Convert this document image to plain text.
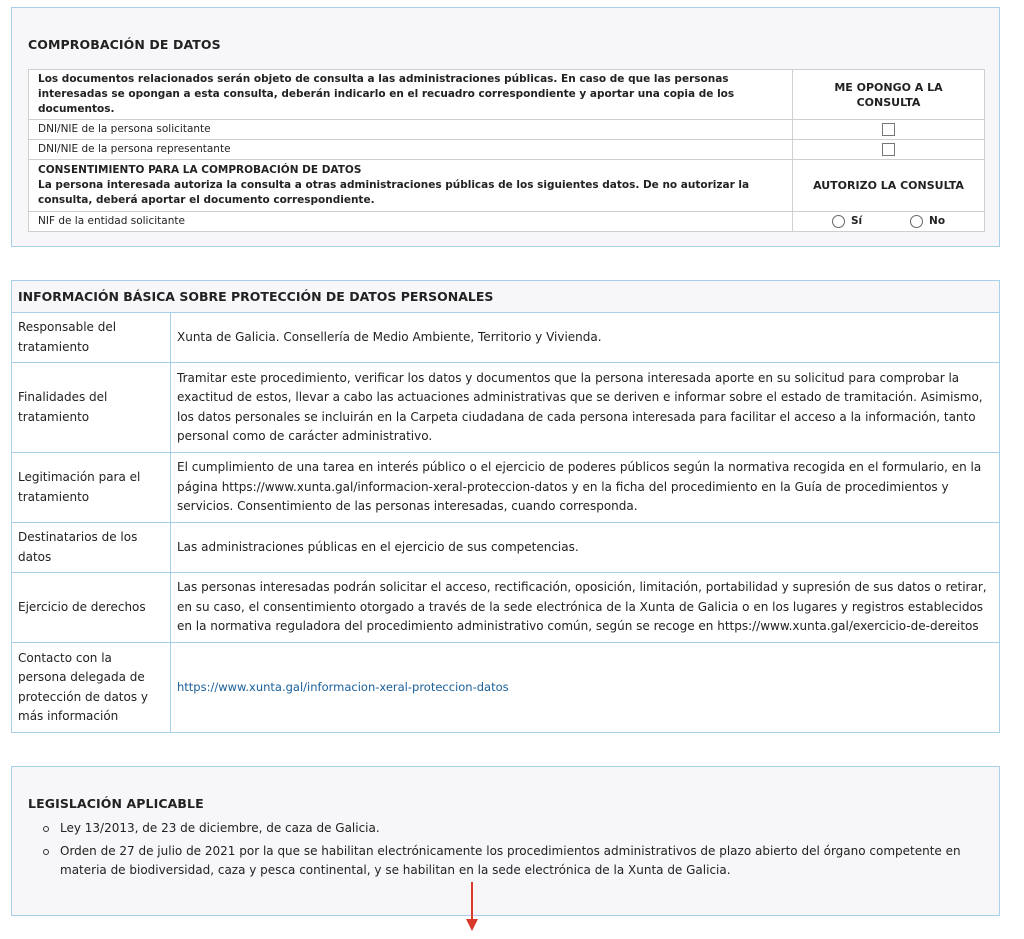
COMPROBACIÓN DE DATOS
Los documentos relacionados serán objeto de consulta a las administraciones públicas. En caso de que las personas interesadas se opongan a esta consulta, deberán indicarlo en el recuadro correspondiente y aportar una copia de los documentos.	ME OPONGO A LA CONSULTA
DNI/NIE de la persona solicitante	
DNI/NIE de la persona representante	

CONSENTIMIENTO PARA LA COMPROBACIÓN DE DATOS
La persona interesada autoriza la consulta a otras administraciones públicas de los siguientes datos. De no autorizar la consulta, deberá aportar el documento correspondiente.	AUTORIZO LA CONSULTA
NIF de la entidad solicitante	Sí No
INFORMACIÓN BÁSICA SOBRE PROTECCIÓN DE DATOS PERSONALES	
Responsable del tratamiento	Xunta de Galicia. Consellería de Medio Ambiente, Territorio y Vivienda.
Finalidades del tratamiento	Tramitar este procedimiento, verificar los datos y documentos que la persona interesada aporte en su solicitud para comprobar la exactitud de estos, llevar a cabo las actuaciones administrativas que se deriven e informar sobre el estado de tramitación. Asimismo, los datos personales se incluirán en la Carpeta ciudadana de cada persona interesada para facilitar el acceso a la información, tanto personal como de carácter administrativo.
Legitimación para el tratamiento	El cumplimiento de una tarea en interés público o el ejercicio de poderes públicos según la normativa recogida en el formulario, en la página https://www.xunta.gal/informacion-xeral-proteccion-datos y en la ficha del procedimiento en la Guía de procedimientos y servicios. Consentimiento de las personas interesadas, cuando corresponda.
Destinatarios de los datos	Las administraciones públicas en el ejercicio de sus competencias.
Ejercicio de derechos	Las personas interesadas podrán solicitar el acceso, rectificación, oposición, limitación, portabilidad y supresión de sus datos o retirar, en su caso, el consentimiento otorgado a través de la sede electrónica de la Xunta de Galicia o en los lugares y registros establecidos en la normativa reguladora del procedimiento administrativo común, según se recoge en https://www.xunta.gal/exercicio-de-dereitos
Contacto con la persona delegada de protección de datos y más información	https://www.xunta.gal/informacion-xeral-proteccion-datos
LEGISLACIÓN APLICABLE
Ley 13/2013, de 23 de diciembre, de caza de Galicia.
Orden de 27 de julio de 2021 por la que se habilitan electrónicamente los procedimientos administrativos de plazo abierto del órgano competente en materia de biodiversidad, caza y pesca continental, y se habilitan en la sede electrónica de la Xunta de Galicia.
